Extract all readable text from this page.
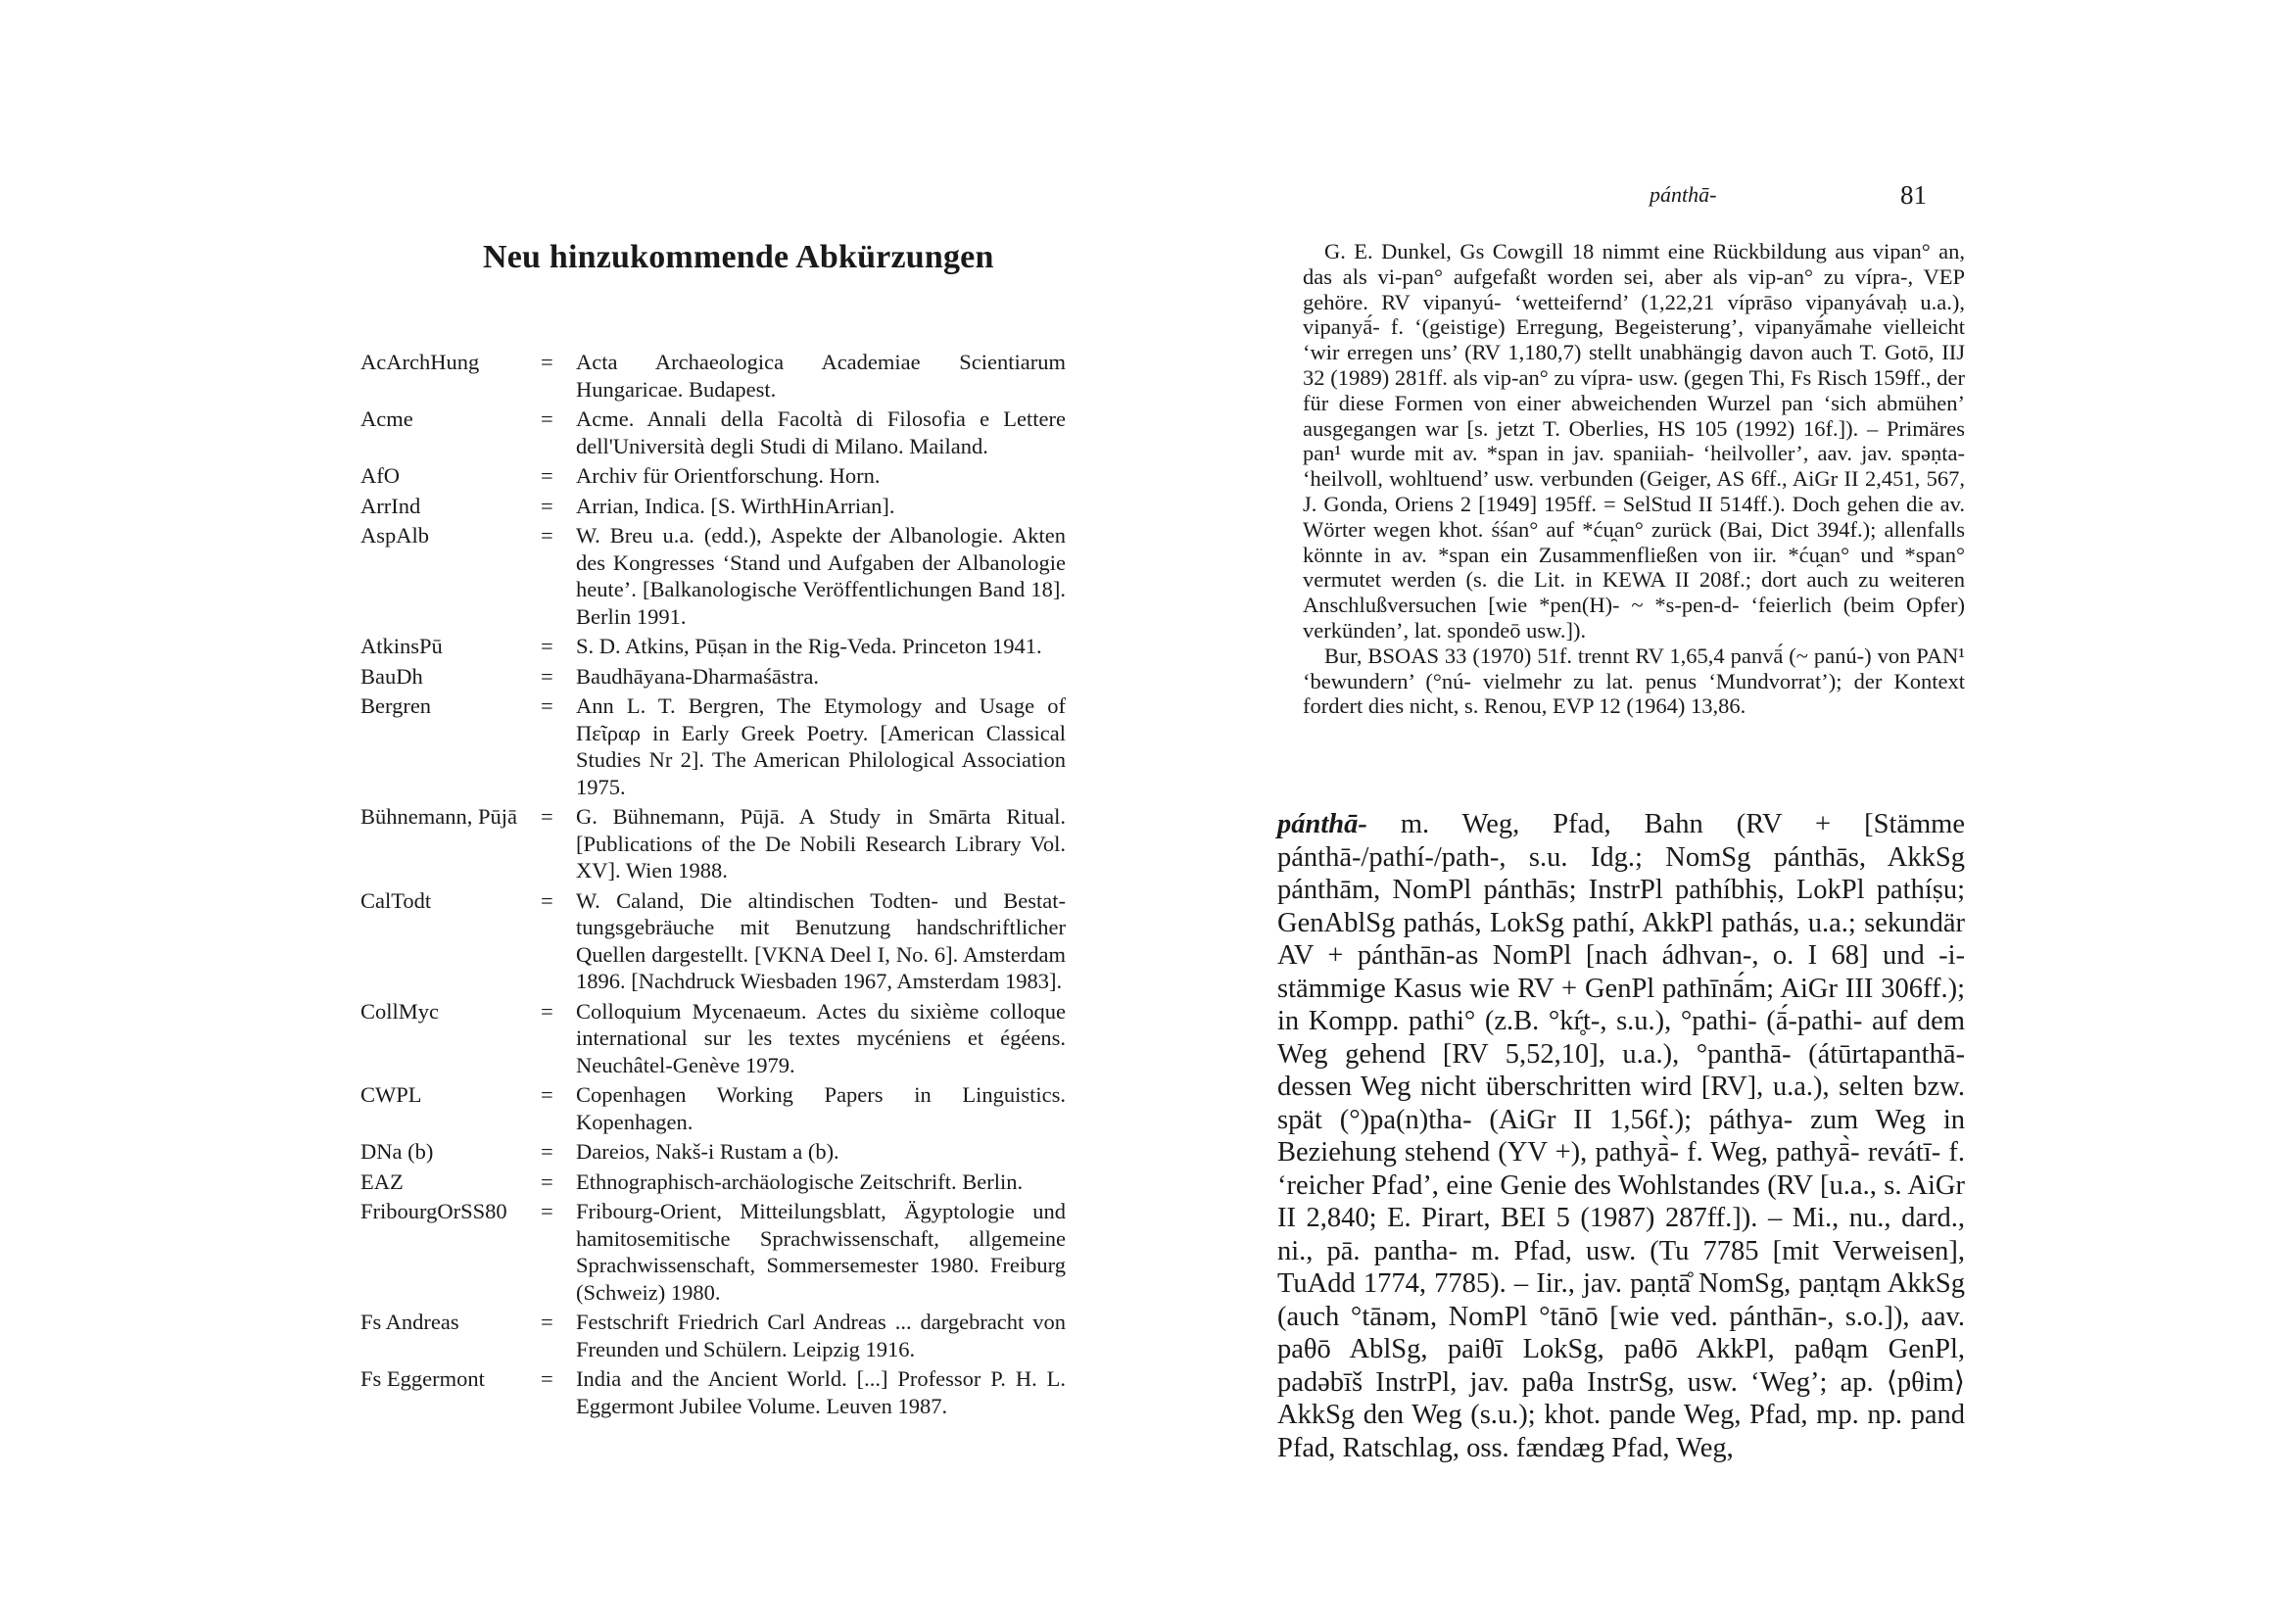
Neu hinzukommende Abkürzungen
AcArchHung	= Acta Archaeologica Academiae Scientiarum Hungaricae. Budapest.
Acme	= Acme. Annali della Facoltà di Filosofia e Lettere dell'Università degli Studi di Milano. Mailand.
AfO	= Archiv für Orientforschung. Horn.
ArrInd	= Arrian, Indica. [S. WirthHinArrian].
AspAlb	= W. Breu u.a. (edd.), Aspekte der Albanologie. Akten des Kongresses ‘Stand und Aufgaben der Albanologie heute’. [Balkanologische Veröffentlichungen Band 18]. Berlin 1991.
AtkinsPū	= S. D. Atkins, Pūṣan in the Rig-Veda. Princeton 1941.
BauDh	= Baudhāyana-Dharmaśāstra.
Bergren	= Ann L. T. Bergren, The Etymology and Usage of Πεῖραρ in Early Greek Poetry. [American Classical Studies Nr 2]. The American Philological Association 1975.
Bühnemann, Pūjā = G. Bühnemann, Pūjā. A Study in Smārta Ritual. [Publications of the De Nobili Research Library Vol. XV]. Wien 1988.
CalTodt	= W. Caland, Die altindischen Todten- und Bestattungsgebräuche mit Benutzung handschriftlicher Quellen dargestellt. [VKNA Deel I, No. 6]. Amsterdam 1896. [Nachdruck Wiesbaden 1967, Amsterdam 1983].
CollMyc	= Colloquium Mycenaeum. Actes du sixième colloque international sur les textes mycéniens et égéens. Neuchâtel-Genève 1979.
CWPL	= Copenhagen Working Papers in Linguistics. Kopenhagen.
DNa (b)	= Dareios, Nakš-i Rustam a (b).
EAZ	= Ethnographisch-archäologische Zeitschrift. Berlin.
FribourgOrSS80 = Fribourg-Orient, Mitteilungsblatt, Ägyptologie und hamitosemitische Sprachwissenschaft, allgemeine Sprachwissenschaft, Sommersemester 1980. Freiburg (Schweiz) 1980.
Fs Andreas	= Festschrift Friedrich Carl Andreas ... dargebracht von Freunden und Schülern. Leipzig 1916.
Fs Eggermont	= India and the Ancient World. [...] Professor P. H. L. Eggermont Jubilee Volume. Leuven 1987.
pánthā-	81

G. E. Dunkel, Gs Cowgill 18 nimmt eine Rückbildung aus vipan° an, das als vi-pan° aufgefaßt worden sei, aber als vip-an° zu vípra-, VEP gehöre. RV vipanyú- ‘wetteifernd’ (1,22,21 víprāso vipanyávaḥ u.a.), vipanyā́- f. ‘(geistige) Erregung, Begeisterung’, vipanyā́mahe vielleicht ‘wir erregen uns’ (RV 1,180,7) stellt unabhängig davon auch T. Gotō, IIJ 32 (1989) 281ff. als vip-an° zu vípra- usw. (gegen Thi, Fs Risch 159ff., der für diese Formen von einer abweichenden Wurzel pan ‘sich abmühen’ ausgegangen war [s. jetzt T. Oberlies, HS 105 (1992) 16f.]). – Primäres pan¹ wurde mit av. *span in jav. spaniiah- ‘heilvoller’, aav. jav. spəṇta- ‘heilvoll, wohltuend’ usw. verbunden (Geiger, AS 6ff., AiGr II 2,451, 567, J. Gonda, Oriens 2 [1949] 195ff. = SelStud II 514ff.). Doch gehen die av. Wörter wegen khot. śśan° auf *ću̯an° zurück (Bai, Dict 394f.); allenfalls könnte in av. *span ein Zusammenfließen von iir. *ću̯an° und *span° vermutet werden (s. die Lit. in KEWA II 208f.; dort auch zu weiteren Anschlußversuchen [wie *pen(H)- ~ *s-pen-d- ‘feierlich (beim Opfer) verkünden’, lat. spondeō usw.]).

Bur, BSOAS 33 (1970) 51f. trennt RV 1,65,4 panvā́ (~ panú-) von PAN¹ ‘bewundern’ (°nú- vielmehr zu lat. penus ‘Mundvorrat’); der Kontext fordert dies nicht, s. Renou, EVP 12 (1964) 13,86.

pánthā- m. Weg, Pfad, Bahn (RV + [Stämme pánthā-/pathí-/path-, s.u. Idg.; NomSg pánthās, AkkSg pánthām, NomPl pánthās; InstrPl pathíbhiṣ, LokPl pathíṣu; GenAblSg pathás, LokSg pathí, AkkPl pathás, u.a.; sekundär AV + pánthān-as NomPl [nach ádhvan-, o. I 68] und -i-stämmige Kasus wie RV + GenPl pathīnā́m; AiGr III 306ff.); in Kompp. pathi° (z.B. °kŕ̥t-, s.u.), °pathi- (ā́-pathi- auf dem Weg gehend [RV 5,52,10], u.a.), °panthā- (átūrtapanthā- dessen Weg nicht überschritten wird [RV], u.a.), selten bzw. spät (°)pa(n)tha- (AiGr II 1,56f.); páthya- zum Weg in Beziehung stehend (YV +), pathyā̀- f. Weg, pathyā̀- revátī- f. ‘reicher Pfad’, eine Genie des Wohlstandes (RV [u.a., s. AiGr II 2,840; E. Pirart, BEI 5 (1987) 287ff.]). – Mi., nu., dard., ni., pā. pantha- m. Pfad, usw. (Tu 7785 [mit Verweisen], TuAdd 1774, 7785). – Iir., jav. paṇtā̊ NomSg, paṇtąm AkkSg (auch °tānəm, NomPl °tānō [wie ved. pánthān-, s.o.]), aav. paθō AblSg, paiθī LokSg, paθō AkkPl, paθąm GenPl, padəbīš InstrPl, jav. paθa InstrSg, usw. ‘Weg’; ap. ⟨pθim⟩ AkkSg den Weg (s.u.); khot. pande Weg, Pfad, mp. np. pand Pfad, Ratschlag, oss. fændæg Pfad, Weg,
